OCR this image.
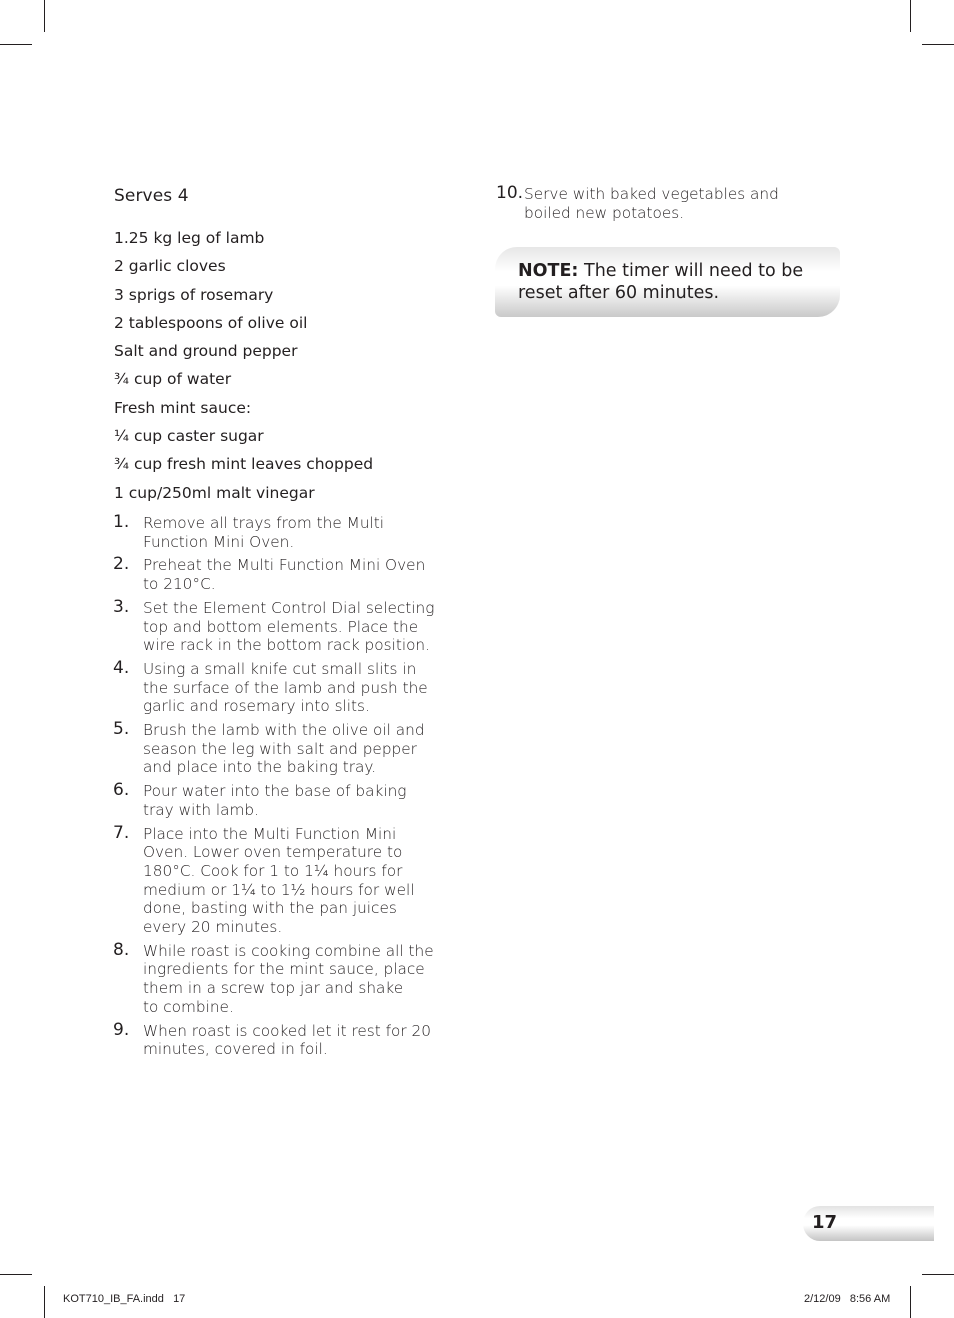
Serves 4
1.25 kg leg of lamb
2 garlic cloves
3 sprigs of rosemary
2 tablespoons of olive oil
Salt and ground pepper
¾ cup of water
Fresh mint sauce:
¼ cup caster sugar
¾ cup fresh mint leaves chopped
1 cup/250ml malt vinegar
1. Remove all trays from the Multi
Function Mini Oven.
2. Preheat the Multi Function Mini Oven
to 210°C.
3. Set the Element Control Dial selecting
top and bottom elements. Place the
wire rack in the bottom rack position.
4. Using a small knife cut small slits in
the surface of the lamb and push the
garlic and rosemary into slits.
5. Brush the lamb with the olive oil and
season the leg with salt and pepper
and place into the baking tray.
6. Pour water into the base of baking
tray with lamb.
7. Place into the Multi Function Mini
Oven. Lower oven temperature to
180°C. Cook for 1 to 1¼ hours for
medium or 1¼ to 1½ hours for well
done, basting with the pan juices
every 20 minutes.
8. While roast is cooking combine all the
ingredients for the mint sauce, place
them in a screw top jar and shake
to combine.
9. When roast is cooked let it rest for 20
minutes, covered in foil.
10. Serve with baked vegetables and
boiled new potatoes.
NOTE: The timer will need to be
reset after 60 minutes.
17
KOT710_IB_FA.indd   17	2/12/09   8:56 AM
